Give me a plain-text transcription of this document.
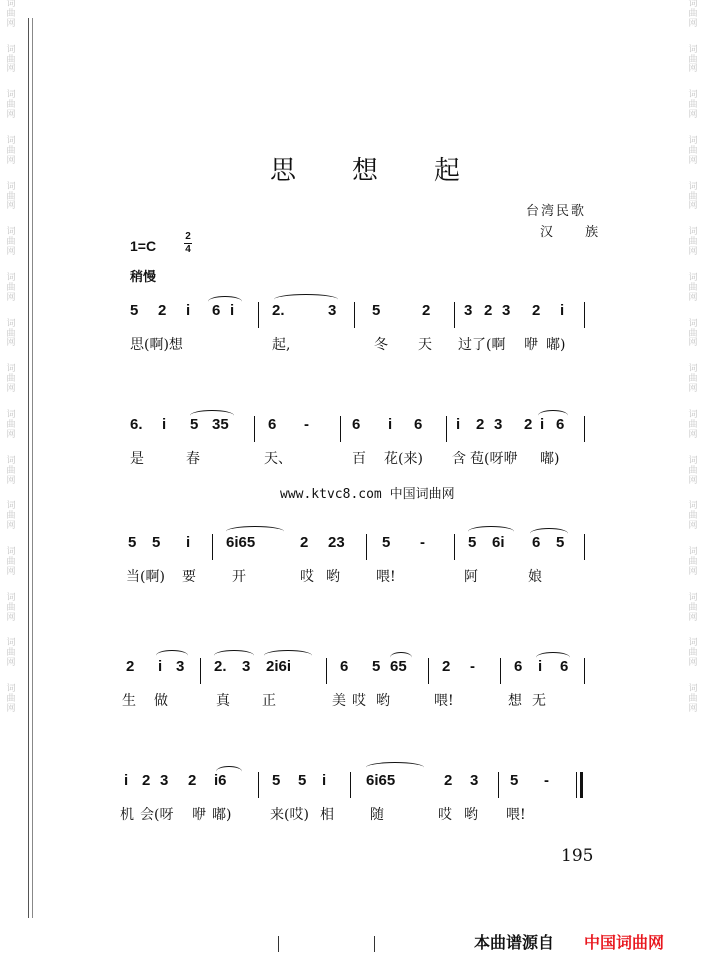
词
曲
网
词
曲
网
词
曲
网
词
曲
网
词
曲
网
词
曲
网
词
曲
网
词
曲
网
词
曲
网
词
曲
网
词
曲
网
词
曲
网
词
曲
网
词
曲
网
词
曲
网
词
曲
网
词
曲
网
词
曲
网
词
曲
网
词
曲
网
词
曲
网
词
曲
网
词
曲
网
词
曲
网
词
曲
网
词
曲
网
词
曲
网
词
曲
网
词
曲
网
词
曲
网
词
曲
网
词
曲
网
思 想 起
台湾民歌
汉 族
1=C
2
4
稍慢
5 2 i 6 i	2.	3 5	2 3 2 3 2 i
思(啊)想	起,	冬 天 过了(啊 咿 嘟)
6. i 5 35	6 -	6 i 6 i 2 3 2 i 6
是	春	天、	百 花(来) 含 苞(呀咿 嘟)
www.ktvc8.com 中国词曲网
5 5 i 6i65	2 23 5 -	5 6i 6 5
当(啊) 要	开	哎 哟	喂!	阿	娘
2 i 3 2. 3 2i6i	6 5 65 2 -	6 i 6
生 做	真 正	美 哎 哟	喂!	想 无
i 2 3 2 i6	5 5 i	6i65	2 3 5 -
机 会(呀 咿 嘟)	来(哎) 相	随	哎 哟 喂!
195
本曲谱源自 中国词曲网
